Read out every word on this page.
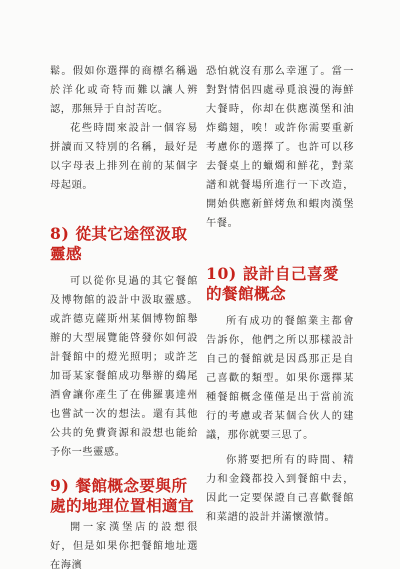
鬆。假如你選擇的商標名稱過於洋化或奇特而難以讓人辨認，那無异于自討苦吃。

花些時間來設計一個容易拼讀而又特別的名稱，最好是以字母表上排列在前的某個字母起頭。

8) 從其它途徑汲取靈感

可以從你見過的其它餐館及博物館的設計中汲取靈感。或許德克薩斯州某個博物館舉辦的大型展覽能啓發你如何設計餐館中的燈光照明；或許芝加哥某家餐館成功舉辦的鷄尾酒會讓你產生了在佛羅裏達州也嘗試一次的想法。還有其他公共的免費資源和設想也能給予你一些靈感。

9) 餐館概念要與所處的地理位置相適宜

開一家漢堡店的設想很好，但是如果你把餐館地址選在海濱

恐怕就沒有那么幸運了。當一對對情侶四處尋覓浪漫的海鮮大餐時，你却在供應漢堡和油炸鷄翅，唉！或許你需要重新考慮你的選擇了。也許可以移去餐桌上的蠟燭和鮮花，對菜譜和就餐場所進行一下改造，開始供應新鮮烤魚和蝦肉漢堡午餐。

10) 設計自己喜愛的餐館概念

所有成功的餐館業主都會告訴你，他們之所以那樣設計自己的餐館就是因爲那正是自己喜歡的類型。如果你選擇某種餐館概念僅僅是出于當前流行的考慮或者某個合伙人的建議，那你就要三思了。

你將要把所有的時間、精力和金錢都投入到餐館中去，因此一定要保證自己喜歡餐館和菜譜的設計并滿懷激情。
